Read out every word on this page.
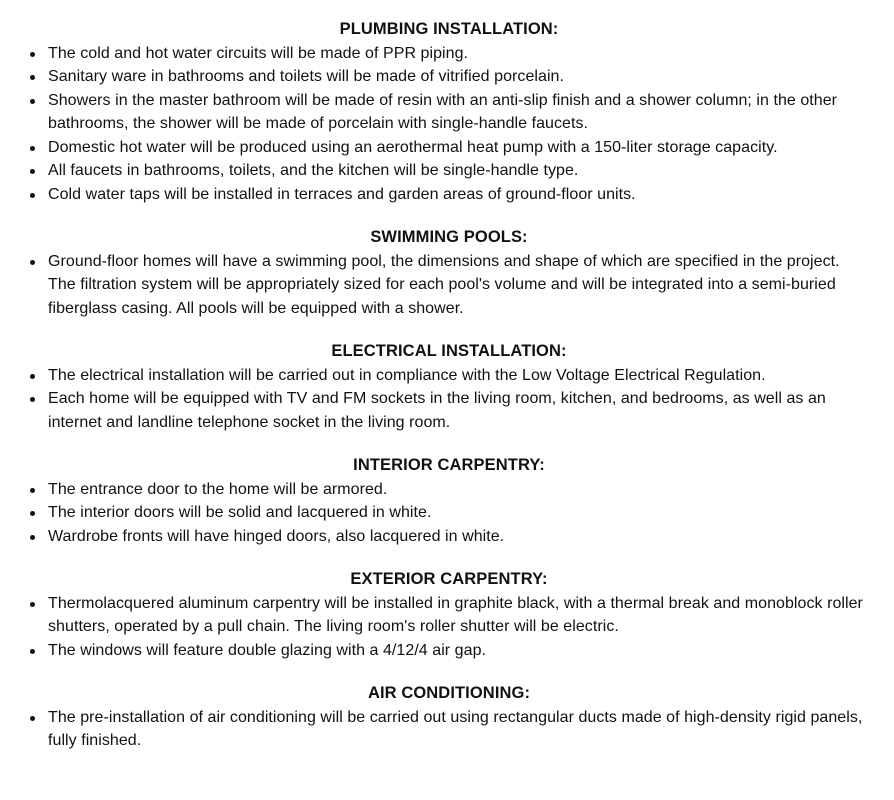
PLUMBING INSTALLATION:
The cold and hot water circuits will be made of PPR piping.
Sanitary ware in bathrooms and toilets will be made of vitrified porcelain.
Showers in the master bathroom will be made of resin with an anti-slip finish and a shower column; in the other bathrooms, the shower will be made of porcelain with single-handle faucets.
Domestic hot water will be produced using an aerothermal heat pump with a 150-liter storage capacity.
All faucets in bathrooms, toilets, and the kitchen will be single-handle type.
Cold water taps will be installed in terraces and garden areas of ground-floor units.
SWIMMING POOLS:
Ground-floor homes will have a swimming pool, the dimensions and shape of which are specified in the project. The filtration system will be appropriately sized for each pool's volume and will be integrated into a semi-buried fiberglass casing. All pools will be equipped with a shower.
ELECTRICAL INSTALLATION:
The electrical installation will be carried out in compliance with the Low Voltage Electrical Regulation.
Each home will be equipped with TV and FM sockets in the living room, kitchen, and bedrooms, as well as an internet and landline telephone socket in the living room.
INTERIOR CARPENTRY:
The entrance door to the home will be armored.
The interior doors will be solid and lacquered in white.
Wardrobe fronts will have hinged doors, also lacquered in white.
EXTERIOR CARPENTRY:
Thermolacquered aluminum carpentry will be installed in graphite black, with a thermal break and monoblock roller shutters, operated by a pull chain. The living room's roller shutter will be electric.
The windows will feature double glazing with a 4/12/4 air gap.
AIR CONDITIONING:
The pre-installation of air conditioning will be carried out using rectangular ducts made of high-density rigid panels, fully finished.
